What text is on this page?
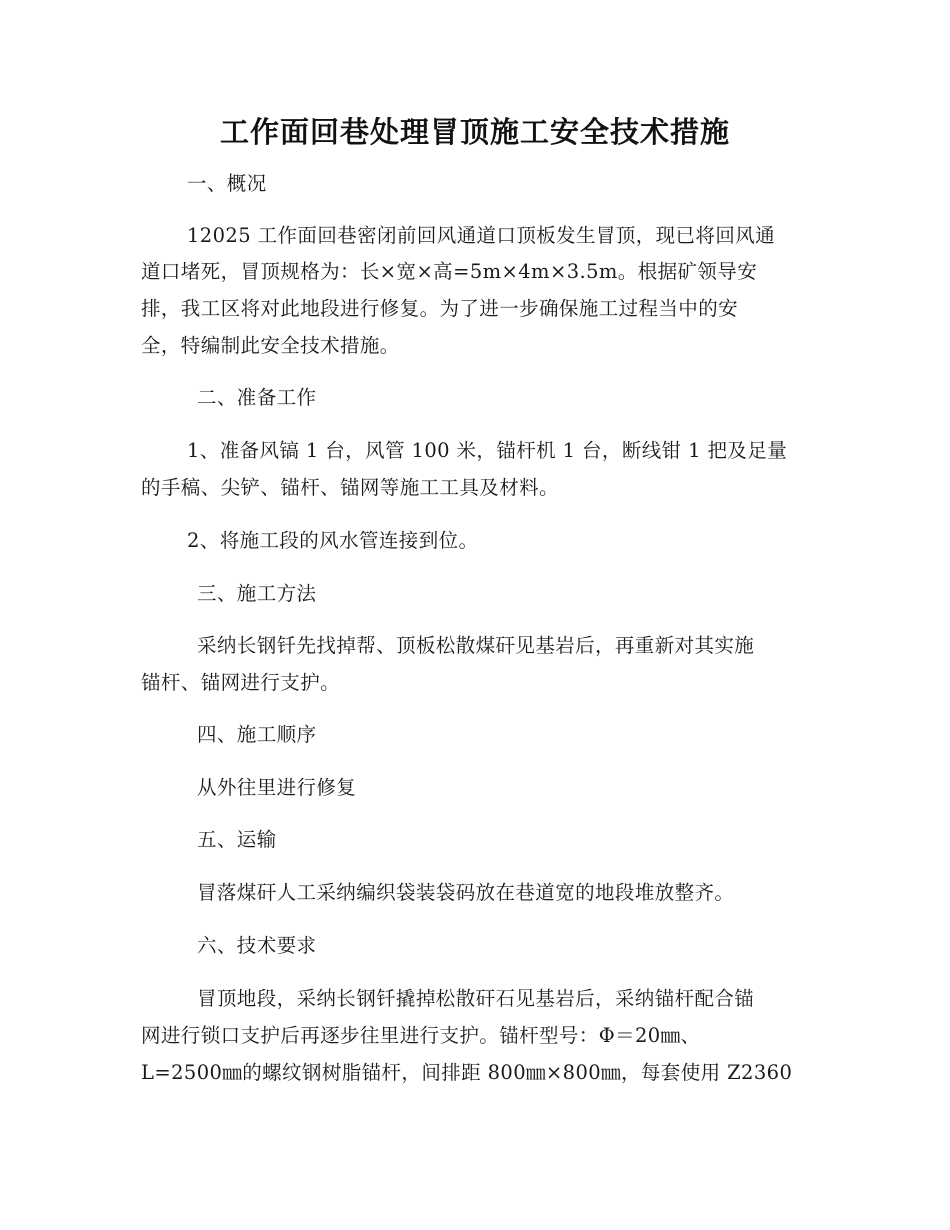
工作面回巷处理冒顶施工安全技术措施
一、概况
12025 工作面回巷密闭前回风通道口顶板发生冒顶，现已将回风通
道口堵死，冒顶规格为：长×宽×高=5m×4m×3.5m。根据矿领导安
排，我工区将对此地段进行修复。为了进一步确保施工过程当中的安
全，特编制此安全技术措施。
二、准备工作
1、准备风镐 1 台，风管 100 米，锚杆机 1 台，断线钳 1 把及足量
的手稿、尖铲、锚杆、锚网等施工工具及材料。
2、将施工段的风水管连接到位。
三、施工方法
采纳长钢钎先找掉帮、顶板松散煤矸见基岩后，再重新对其实施
锚杆、锚网进行支护。
四、施工顺序
从外往里进行修复
五、运输
冒落煤矸人工采纳编织袋装袋码放在巷道宽的地段堆放整齐。
六、技术要求
冒顶地段，采纳长钢钎撬掉松散矸石见基岩后，采纳锚杆配合锚
网进行锁口支护后再逐步往里进行支护。锚杆型号：Φ＝20㎜、
L=2500㎜的螺纹钢树脂锚杆，间排距 800㎜×800㎜，每套使用 Z2360
